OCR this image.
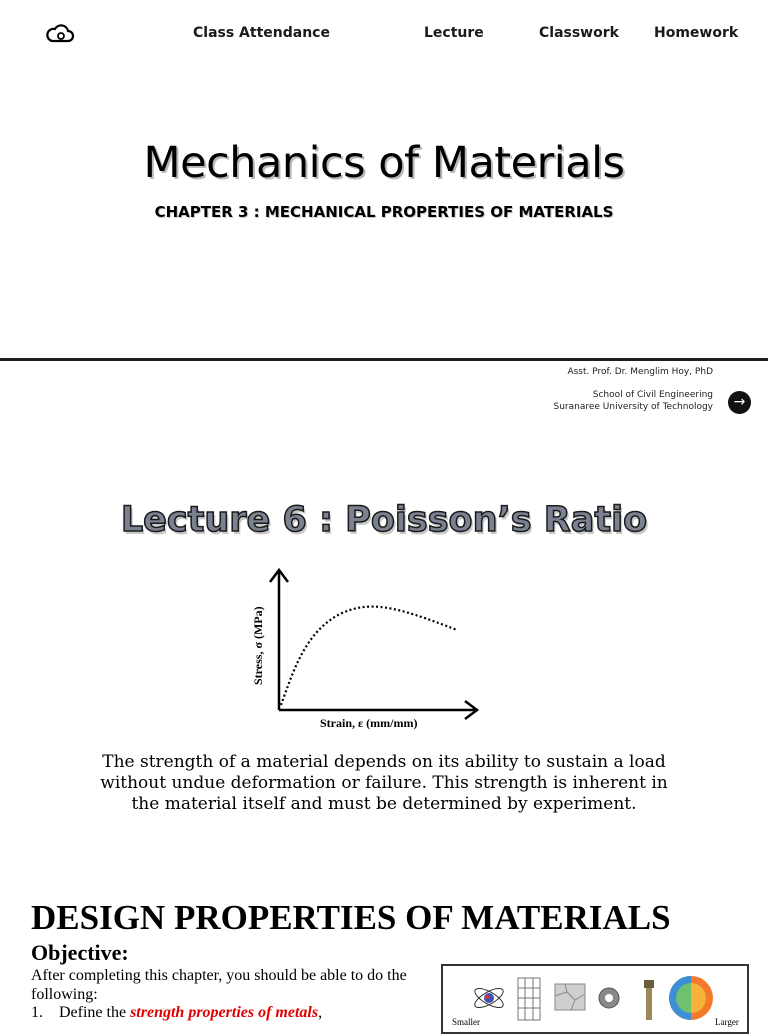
Class Attendance	Lecture	Classwork	Homework
Mechanics of Materials
CHAPTER 3 : MECHANICAL PROPERTIES OF MATERIALS
Asst. Prof. Dr. Menglim Hoy, PhD
School of Civil Engineering
Suranaree University of Technology	→
Lecture 6 : Poisson’s Ratio
Stress, σ (MPa)
Strain, ε (mm/mm)
The strength of a material depends on its ability to sustain a load without undue deformation or failure. This strength is inherent in the material itself and must be determined by experiment.
DESIGN PROPERTIES OF MATERIALS
Objective:
After completing this chapter, you should be able to do the following:
1. Define the strength properties of metals,
Smaller	Larger
